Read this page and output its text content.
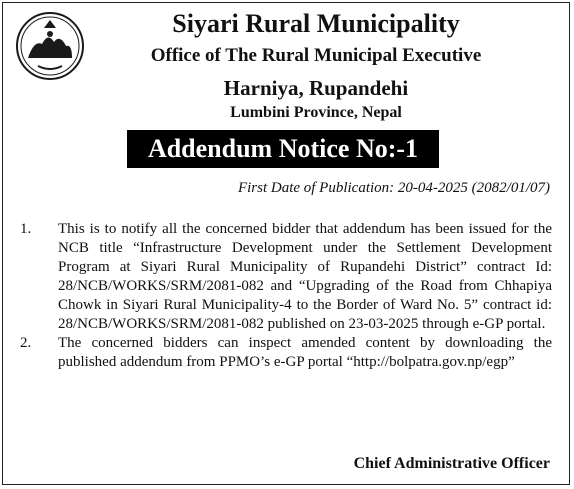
Siyari Rural Municipality
Office of The Rural Municipal Executive
Harniya, Rupandehi
Lumbini Province, Nepal
Addendum Notice No:-1
First Date of Publication: 20-04-2025 (2082/01/07)
1.	This is to notify all the concerned bidder that addendum has been issued for the NCB title “Infrastructure Development under the Settlement Development Program at Siyari Rural Municipality of Rupandehi District” contract Id: 28/NCB/WORKS/SRM/2081-082 and “Upgrading of the Road from Chhapiya Chowk in Siyari Rural Municipality-4 to the Border of Ward No. 5” contract id: 28/NCB/WORKS/SRM/2081-082 published on 23-03-2025 through e-GP portal.
2.	The concerned bidders can inspect amended content by downloading the published addendum from PPMO’s e-GP portal “http://bolpatra.gov.np/egp”
Chief Administrative Officer
